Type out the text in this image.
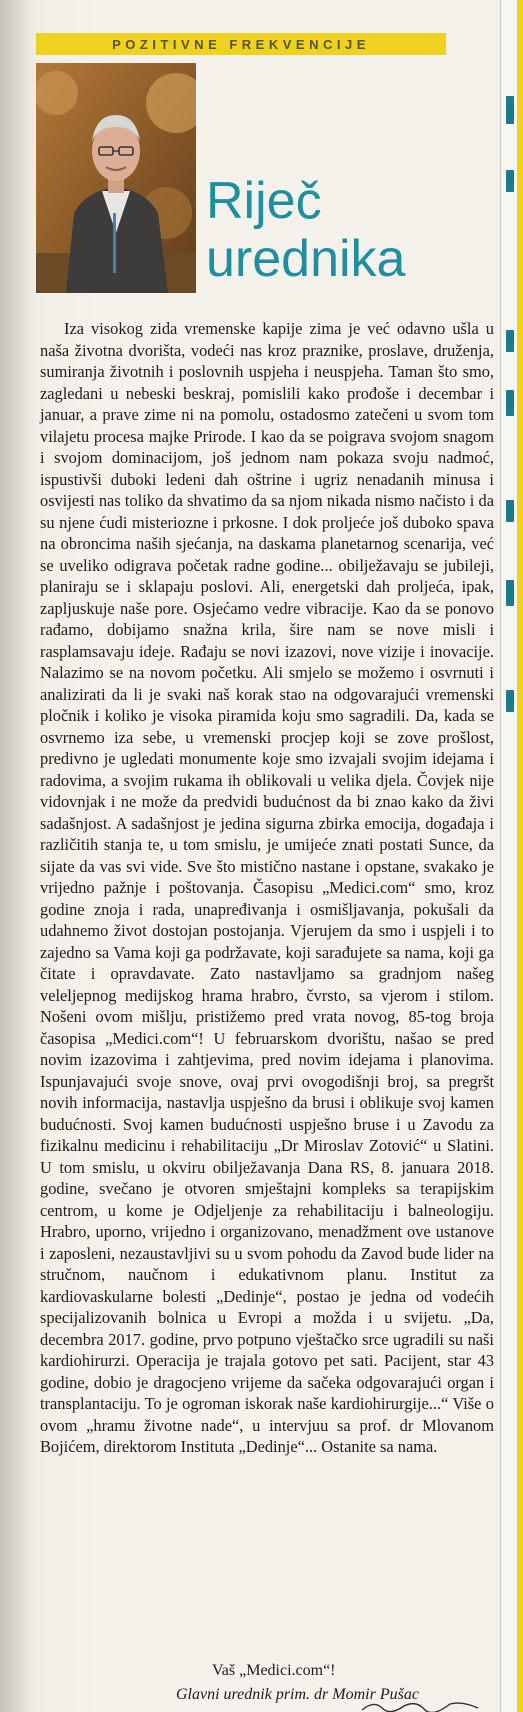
POZITIVNE FREKVENCIJE
Riječ
urednika
Iza visokog zida vremenske kapije zima je već odavno ušla u naša životna dvorišta, vodeći nas kroz praznike, proslave, druženja, sumiranja životnih i poslovnih uspjeha i neuspjeha. Taman što smo, zagledani u nebeski beskraj, pomislili kako prođoše i decembar i januar, a prave zime ni na pomolu, ostadosmo zatečeni u svom tom vilajetu procesa majke Prirode. I kao da se poigrava svojom snagom i svojom dominacijom, još jednom nam pokaza svoju nadmoć, ispustivši duboki ledeni dah oštrine i ugriz nenadanih minusa i osvijesti nas toliko da shvatimo da sa njom nikada nismo načisto i da su njene ćudi misteriozne i prkosne. I dok proljeće još duboko spava na obroncima naših sjećanja, na daskama planetarnog scenarija, već se uveliko odigrava početak radne godine... obilježavaju se jubileji, planiraju se i sklapaju poslovi. Ali, energetski dah proljeća, ipak, zapljuskuje naše pore. Osjećamo vedre vibracije. Kao da se ponovo rađamo, dobijamo snažna krila, šire nam se nove misli i rasplamsavaju ideje. Rađaju se novi izazovi, nove vizije i inovacije. Nalazimo se na novom početku. Ali smjelo se možemo i osvrnuti i analizirati da li je svaki naš korak stao na odgovarajući vremenski pločnik i koliko je visoka piramida koju smo sagradili. Da, kada se osvrnemo iza sebe, u vremenski procjep koji se zove prošlost, predivno je ugledati monumente koje smo izvajali svojim idejama i radovima, a svojim rukama ih oblikovali u velika djela. Čovjek nije vidovnjak i ne može da predvidi budućnost da bi znao kako da živi sadašnjost. A sadašnjost je jedina sigurna zbirka emocija, događaja i različitih stanja te, u tom smislu, je umijeće znati postati Sunce, da sijate da vas svi vide. Sve što mistično nastane i opstane, svakako je vrijedno pažnje i poštovanja. Časopisu „Medici.com“ smo, kroz godine znoja i rada, unapređivanja i osmišljavanja, pokušali da udahnemo život dostojan postojanja. Vjerujem da smo i uspjeli i to zajedno sa Vama koji ga podržavate, koji sarađujete sa nama, koji ga čitate i opravdavate. Zato nastavljamo sa gradnjom našeg veleljepnog medijskog hrama hrabro, čvrsto, sa vjerom i stilom. Nošeni ovom mišlju, pristižemo pred vrata novog, 85-tog broja časopisa „Medici.com“! U februarskom dvorištu, našao se pred novim izazovima i zahtjevima, pred novim idejama i planovima. Ispunjavajući svoje snove, ovaj prvi ovogodišnji broj, sa pregršt novih informacija, nastavlja uspješno da brusi i oblikuje svoj kamen budućnosti. Svoj kamen budućnosti uspješno bruse i u Zavodu za fizikalnu medicinu i rehabilitaciju „Dr Miroslav Zotović“ u Slatini. U tom smislu, u okviru obilježavanja Dana RS, 8. januara 2018. godine, svečano je otvoren smještajni kompleks sa terapijskim centrom, u kome je Odjeljenje za rehabilitaciju i balneologiju. Hrabro, uporno, vrijedno i organizovano, menadžment ove ustanove i zaposleni, nezaustavljivi su u svom pohodu da Zavod bude lider na stručnom, naučnom i edukativnom planu. Institut za kardiovaskularne bolesti „Dedinje“, postao je jedna od vodećih specijalizovanih bolnica u Evropi a možda i u svijetu. „Da, decembra 2017. godine, prvo potpuno vještačko srce ugradili su naši kardiohirurzi. Operacija je trajala gotovo pet sati. Pacijent, star 43 godine, dobio je dragocjeno vrijeme da sačeka odgovarajući organ i transplantaciju. To je ogroman iskorak naše kardiohirurgije...“ Više o ovom „hramu životne nade“, u intervjuu sa prof. dr Mlovanom Bojićem, direktorom Instituta „Dedinje“... Ostanite sa nama.
Vaš „Medici.com“!
Glavni urednik prim. dr Momir Pušac
